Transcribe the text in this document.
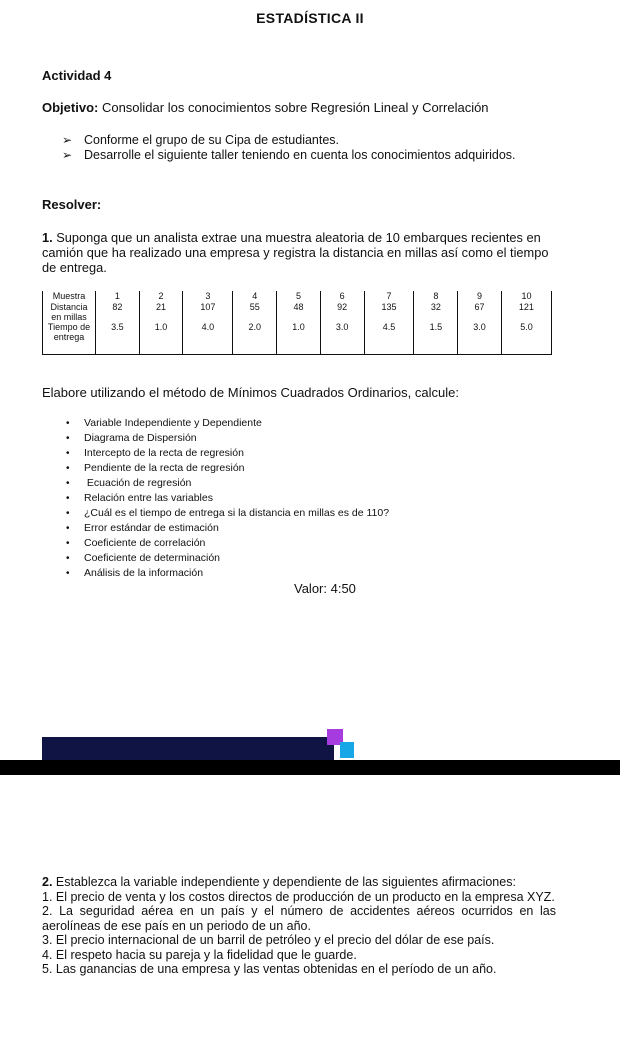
ESTADÍSTICA II
Actividad 4
Objetivo: Consolidar los conocimientos sobre Regresión Lineal y Correlación
➢ Conforme el grupo de su Cipa de estudiantes.
➢ Desarrolle el siguiente taller teniendo en cuenta los conocimientos adquiridos.
Resolver:
1. Suponga que un analista extrae una muestra aleatoria de 10 embarques recientes en camión que ha realizado una empresa y registra la distancia en millas así como el tiempo de entrega.
Muestra	1	2	3	4	5	6	7	8	9	10
Distancia en millas	82	21	107	55	48	92	135	32	67	121
Tiempo de entrega	3.5	1.0	4.0	2.0	1.0	3.0	4.5	1.5	3.0	5.0
Elabore utilizando el método de Mínimos Cuadrados Ordinarios, calcule:
• Variable Independiente y Dependiente
• Diagrama de Dispersión
• Intercepto de la recta de regresión
• Pendiente de la recta de regresión
• Ecuación de regresión
• Relación entre las variables
• ¿Cuál es el tiempo de entrega si la distancia en millas es de 110?
• Error estándar de estimación
• Coeficiente de correlación
• Coeficiente de determinación
• Análisis de la información
Valor: 4:50

2. Establezca la variable independiente y dependiente de las siguientes afirmaciones:

1. El precio de venta y los costos directos de producción de un producto en la empresa XYZ.

2. La seguridad aérea en un país y el número de accidentes aéreos ocurridos en las aerolíneas de ese país en un periodo de un año.

3. El precio internacional de un barril de petróleo y el precio del dólar de ese país.

4. El respeto hacia su pareja y la fidelidad que le guarde.

5. Las ganancias de una empresa y las ventas obtenidas en el período de un año.
